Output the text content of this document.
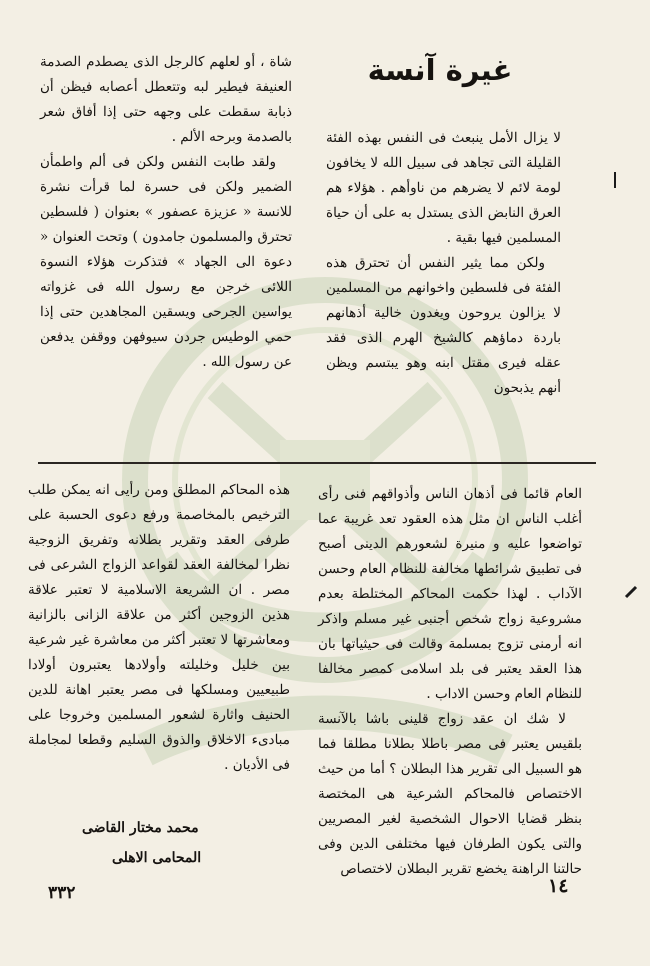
غيرة آنسة

لا يزال الأمل ينبعث فى النفس بهذه الفئة القليلة التى تجاهد فى سبيل الله لا يخافون لومة لائم لا يضرهم من ناوأهم . هؤلاء هم العرق النابض الذى يستدل به على أن حياة المسلمين فيها بقية .

ولكن مما يثير النفس أن تحترق هذه الفئة فى فلسطين واخوانهم من المسلمين لا يزالون يروحون ويغدون خالية أذهانهم باردة دماؤهم كالشيخ الهرم الذى فقد عقله فيرى مقتل ابنه وهو يبتسم ويظن أنهم يذبحون

شاة ، أو لعلهم كالرجل الذى يصطدم الصدمة العنيفة فيطير لبه وتتعطل أعصابه فيظن أن ذبابة سقطت على وجهه حتى إذا أفاق شعر بالصدمة وبرحه الألم .

ولقد طابت النفس ولكن فى ألم واطمأن الضمير ولكن فى حسرة لما قرأت نشرة للانسة « عزيزة عصفور » بعنوان ( فلسطين تحترق والمسلمون جامدون ) وتحت العنوان « دعوة الى الجهاد » فتذكرت هؤلاء النسوة اللائى خرجن مع رسول الله فى غزواته يواسين الجرحى ويسقين المجاهدين حتى إذا حمي الوطيس جردن سيوفهن ووقفن يدفعن عن رسول الله .

العام قائما فى أذهان الناس وأذواقهم فنى رأى أغلب الناس ان مثل هذه العقود تعد غريبة عما تواضعوا عليه و منيرة لشعورهم الدينى أصبح فى تطبيق شرائطها مخالفة للنظام العام وحسن الآداب . لهذا حكمت المحاكم المختلطة بعدم مشروعية زواج شخص أجنبى غير مسلم واذكر انه أرمنى تزوج بمسلمة وقالت فى حيثياتها بان هذا العقد يعتبر فى بلد اسلامى كمصر مخالفا للنظام العام وحسن الاداب .

لا شك ان عقد زواج قلينى باشا بالآنسة بلقيس يعتبر فى مصر باطلا بطلانا مطلقا فما هو السبيل الى تقرير هذا البطلان ؟ أما من حيث الاختصاص فالمحاكم الشرعية هى المختصة بنظر قضايا الاحوال الشخصية لغير المصريين والتى يكون الطرفان فيها مختلفى الدين وفى حالتنا الراهنة يخضع تقرير البطلان لاختصاص

هذه المحاكم المطلق ومن رأيى انه يمكن طلب الترخيص بالمخاصمة ورفع دعوى الحسبة على طرفى العقد وتقرير بطلانه وتفريق الزوجية نظرا لمخالفة العقد لقواعد الزواج الشرعى فى مصر . ان الشريعة الاسلامية لا تعتبر علاقة هذين الزوجين أكثر من علاقة الزانى بالزانية ومعاشرتها لا تعتبر أكثر من معاشرة غير شرعية بين خليل وخليلته وأولادها يعتبرون أولادا طبيعيين ومسلكها فى مصر يعتبر اهانة للدين الحنيف واثارة لشعور المسلمين وخروجا على مبادىء الاخلاق والذوق السليم وقطعا لمجاملة فى الأديان .

محمد مختار القاضى
المحامى الاهلى
٣٣٢	١٤
